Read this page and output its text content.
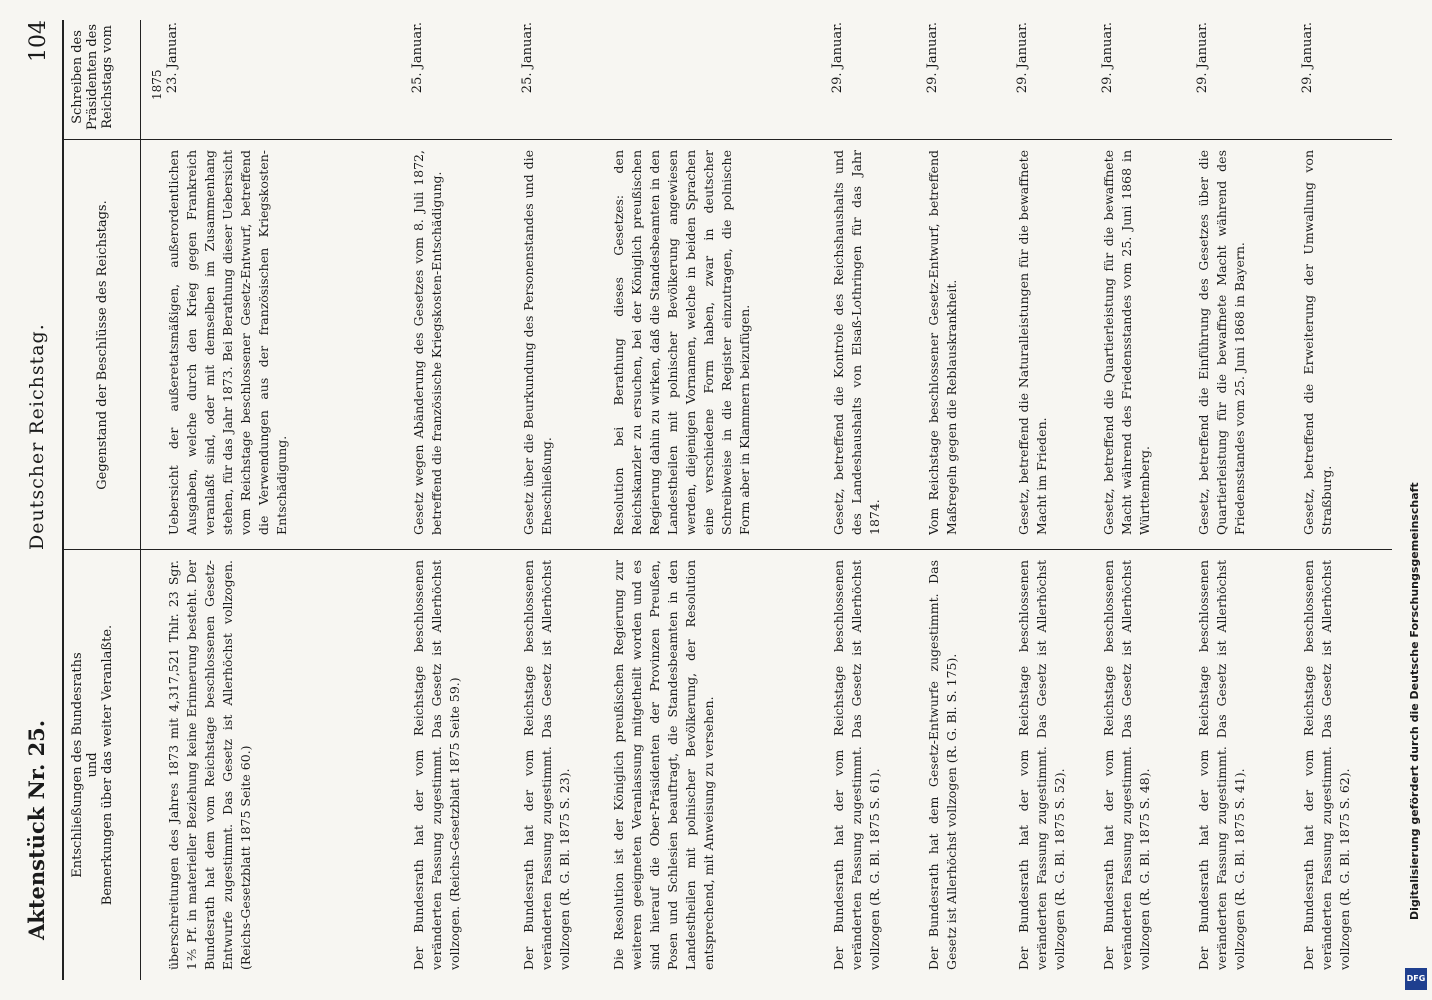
Aktenstück Nr. 25.
Deutscher Reichstag.
104 Schreiben des Präsidenten des Reichstags vom
Gegenstand der Beschlüsse des Reichstags.
Entschließungen des Bundesraths und Bemerkungen über das weiter Veranlaßte.
1875 23. Januar.
Uebersicht der außeretatsmäßigen, außerordentlichen Ausgaben, welche durch den Krieg gegen Frankreich veranlaßt sind, oder mit demselben im Zusammenhang stehen, für das Jahr 1873. Bei Berathung dieser Uebersicht vom Reichstage beschlossener Gesetz-Entwurf, betreffend die Verwendungen aus der französischen Kriegskosten-Entschädigung.
überschreitungen des Jahres 1873 mit 4,317,521 Thlr. 23 Sgr. 1⅖ Pf. in materieller Beziehung keine Erinnerung besteht. Der Bundesrath hat dem vom Reichstage beschlossenen Gesetz-Entwurfe zugestimmt. Das Gesetz ist Allerhöchst vollzogen. (Reichs-Gesetzblatt 1875 Seite 60.)
25. Januar.
Gesetz wegen Abänderung des Gesetzes vom 8. Juli 1872, betreffend die französische Kriegskosten-Entschädigung.
Der Bundesrath hat der vom Reichstage beschlossenen veränderten Fassung zugestimmt. Das Gesetz ist Allerhöchst vollzogen. (Reichs-Gesetzblatt 1875 Seite 59.)
25. Januar.
Gesetz über die Beurkundung des Personenstandes und die Eheschließung.
Der Bundesrath hat der vom Reichstage beschlossenen veränderten Fassung zugestimmt. Das Gesetz ist Allerhöchst vollzogen (R. G. Bl. 1875 S. 23).
Resolution bei Berathung dieses Gesetzes: den Reichskanzler zu ersuchen, bei der Königlich preußischen Regierung dahin zu wirken, daß die Standesbeamten in den Landestheilen mit polnischer Bevölkerung angewiesen werden, diejenigen Vornamen, welche in beiden Sprachen eine verschiedene Form haben, zwar in deutscher Schreibweise in die Register einzutragen, die polnische Form aber in Klammern beizufügen.
Die Resolution ist der Königlich preußischen Regierung zur weiteren geeigneten Veranlassung mitgetheilt worden und es sind hierauf die Ober-Präsidenten der Provinzen Preußen, Posen und Schlesien beauftragt, die Standesbeamten in den Landestheilen mit polnischer Bevölkerung, der Resolution entsprechend, mit Anweisung zu versehen.
29. Januar.
Gesetz, betreffend die Kontrole des Reichshaushalts und des Landeshaushalts von Elsaß-Lothringen für das Jahr 1874.
Der Bundesrath hat der vom Reichstage beschlossenen veränderten Fassung zugestimmt. Das Gesetz ist Allerhöchst vollzogen (R. G. Bl. 1875 S. 61).
29. Januar.
Vom Reichstage beschlossener Gesetz-Entwurf, betreffend Maßregeln gegen die Reblauskrankheit.
Der Bundesrath hat dem Gesetz-Entwurfe zugestimmt. Das Gesetz ist Allerhöchst vollzogen (R. G. Bl. S. 175).
29. Januar.
Gesetz, betreffend die Naturalleistungen für die bewaffnete Macht im Frieden.
Der Bundesrath hat der vom Reichstage beschlossenen veränderten Fassung zugestimmt. Das Gesetz ist Allerhöchst vollzogen (R. G. Bl. 1875 S. 52).
29. Januar.
Gesetz, betreffend die Quartierleistung für die bewaffnete Macht während des Friedensstandes vom 25. Juni 1868 in Württemberg.
Der Bundesrath hat der vom Reichstage beschlossenen veränderten Fassung zugestimmt. Das Gesetz ist Allerhöchst vollzogen (R. G. Bl. 1875 S. 48).
29. Januar.
Gesetz, betreffend die Einführung des Gesetzes über die Quartierleistung für die bewaffnete Macht während des Friedensstandes vom 25. Juni 1868 in Bayern.
Der Bundesrath hat der vom Reichstage beschlossenen veränderten Fassung zugestimmt. Das Gesetz ist Allerhöchst vollzogen (R. G. Bl. 1875 S. 41).
29. Januar.
Gesetz, betreffend die Erweiterung der Umwallung von Straßburg.
Der Bundesrath hat der vom Reichstage beschlossenen veränderten Fassung zugestimmt. Das Gesetz ist Allerhöchst vollzogen (R. G. Bl. 1875 S. 62).	Digitalisierung gefördert durch die Deutsche Forschungsgemeinschaft
DFG
